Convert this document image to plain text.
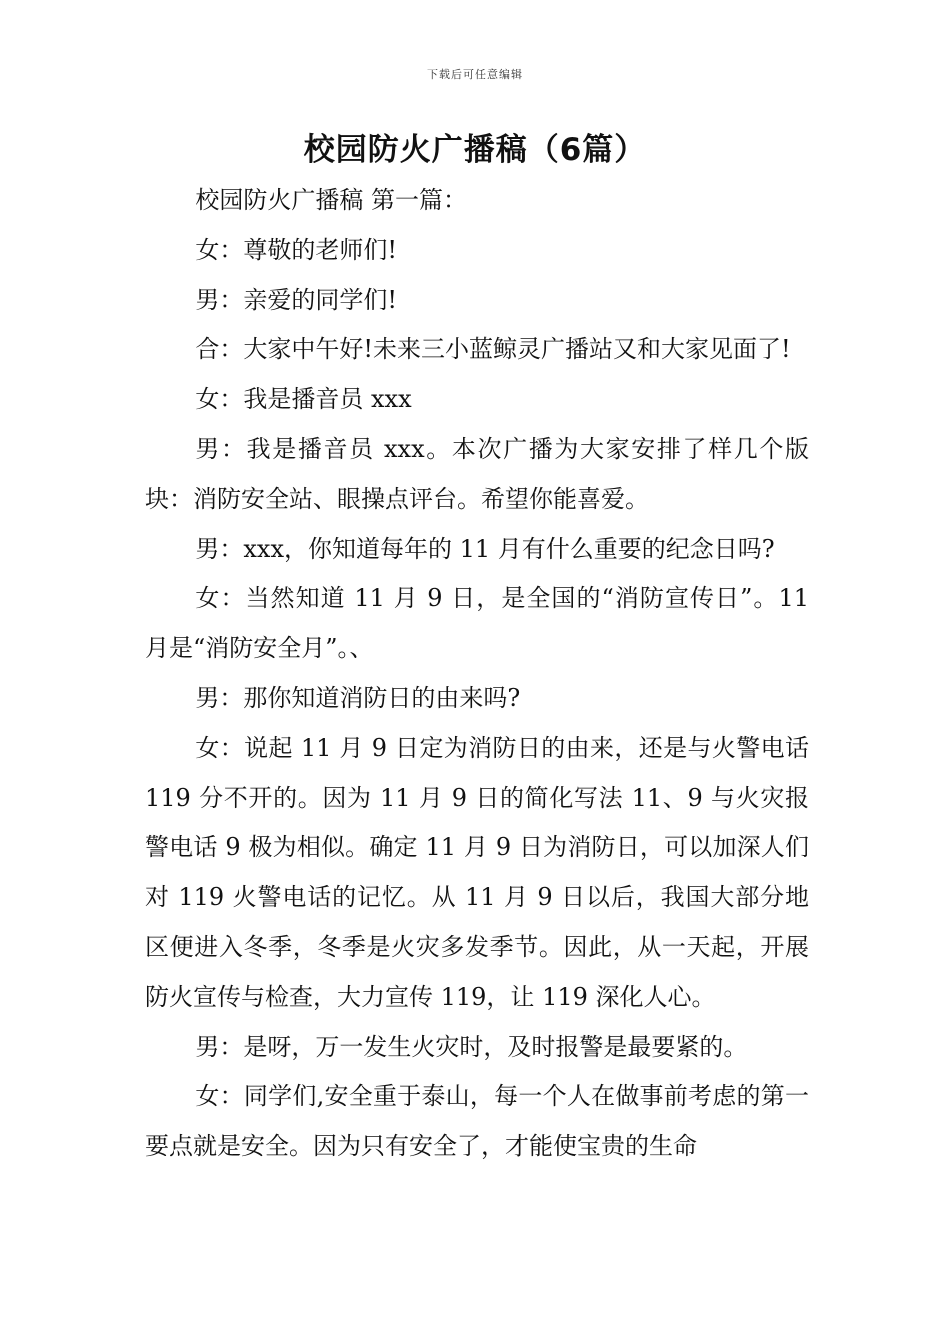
下载后可任意编辑
校园防火广播稿（6篇）

校园防火广播稿 第一篇：

女：尊敬的老师们!

男：亲爱的同学们!

合：大家中午好!未来三小蓝鲸灵广播站又和大家见面了!

女：我是播音员 xxx

男：我是播音员 xxx。本次广播为大家安排了样几个版块：消防安全站、眼操点评台。希望你能喜爱。

男：xxx，你知道每年的 11 月有什么重要的纪念日吗?

女：当然知道 11 月 9 日，是全国的“消防宣传日”。11 月是“消防安全月”。、

男：那你知道消防日的由来吗?

女：说起 11 月 9 日定为消防日的由来，还是与火警电话 119 分不开的。因为 11 月 9 日的简化写法 11、9 与火灾报警电话 9 极为相似。确定 11 月 9 日为消防日，可以加深人们对 119 火警电话的记忆。从 11 月 9 日以后，我国大部分地区便进入冬季，冬季是火灾多发季节。因此，从一天起，开展防火宣传与检查，大力宣传 119，让 119 深化人心。

男：是呀，万一发生火灾时，及时报警是最要紧的。

女：同学们,安全重于泰山，每一个人在做事前考虑的第一要点就是安全。因为只有安全了，才能使宝贵的生命
